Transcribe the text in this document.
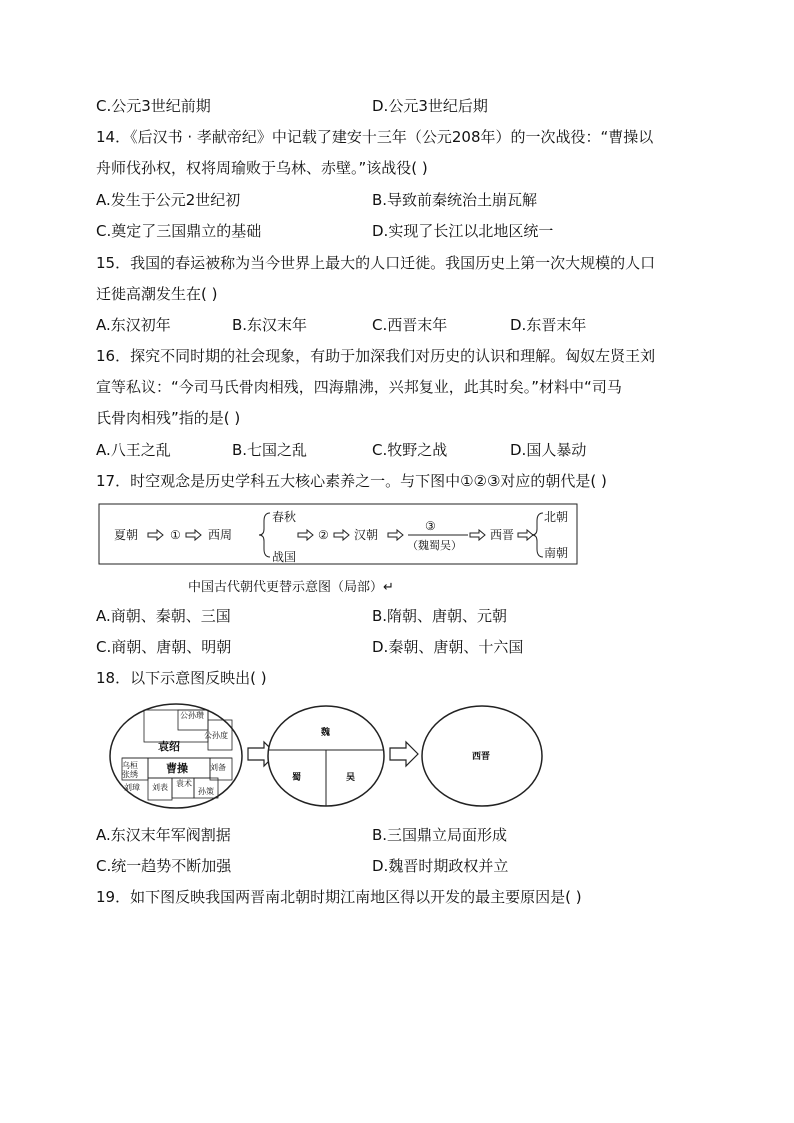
C.公元3世纪前期	D.公元3世纪后期
14．《后汉书 · 孝献帝纪》中记载了建安十三年（公元208年）的一次战役：“曹操以
舟师伐孙权，权将周瑜败于乌林、赤壁。”该战役( )
A.发生于公元2世纪初	B.导致前秦统治土崩瓦解
C.奠定了三国鼎立的基础	D.实现了长江以北地区统一
15．我国的春运被称为当今世界上最大的人口迁徙。我国历史上第一次大规模的人口
迁徙高潮发生在( )
A.东汉初年	B.东汉末年	C.西晋末年	D.东晋末年
16．探究不同时期的社会现象，有助于加深我们对历史的认识和理解。匈奴左贤王刘
宣等私议：“今司马氏骨肉相残，四海鼎沸，兴邦复业，此其时矣。”材料中“司马
氏骨肉相残”指的是( )
A.八王之乱	B.七国之乱	C.牧野之战	D.国人暴动
17．时空观念是历史学科五大核心素养之一。与下图中①②③对应的朝代是( )
夏朝	① 西周
春秋
战国
② 汉朝
③
（魏蜀吴）
西晋
北朝
南朝
中国古代朝代更替示意图（局部）↵
A.商朝、秦朝、三国	B.隋朝、唐朝、元朝
C.商朝、唐朝、明朝	D.秦朝、唐朝、十六国
18．以下示意图反映出( )
公孙瓒
公孙度
乌桓
张绣
刘备
刘璋 刘表 袁术
孙策
袁绍
曹操
魏
蜀	吴
西晋
A.东汉末年军阀割据	B.三国鼎立局面形成
C.统一趋势不断加强	D.魏晋时期政权并立
19．如下图反映我国两晋南北朝时期江南地区得以开发的最主要原因是( )
